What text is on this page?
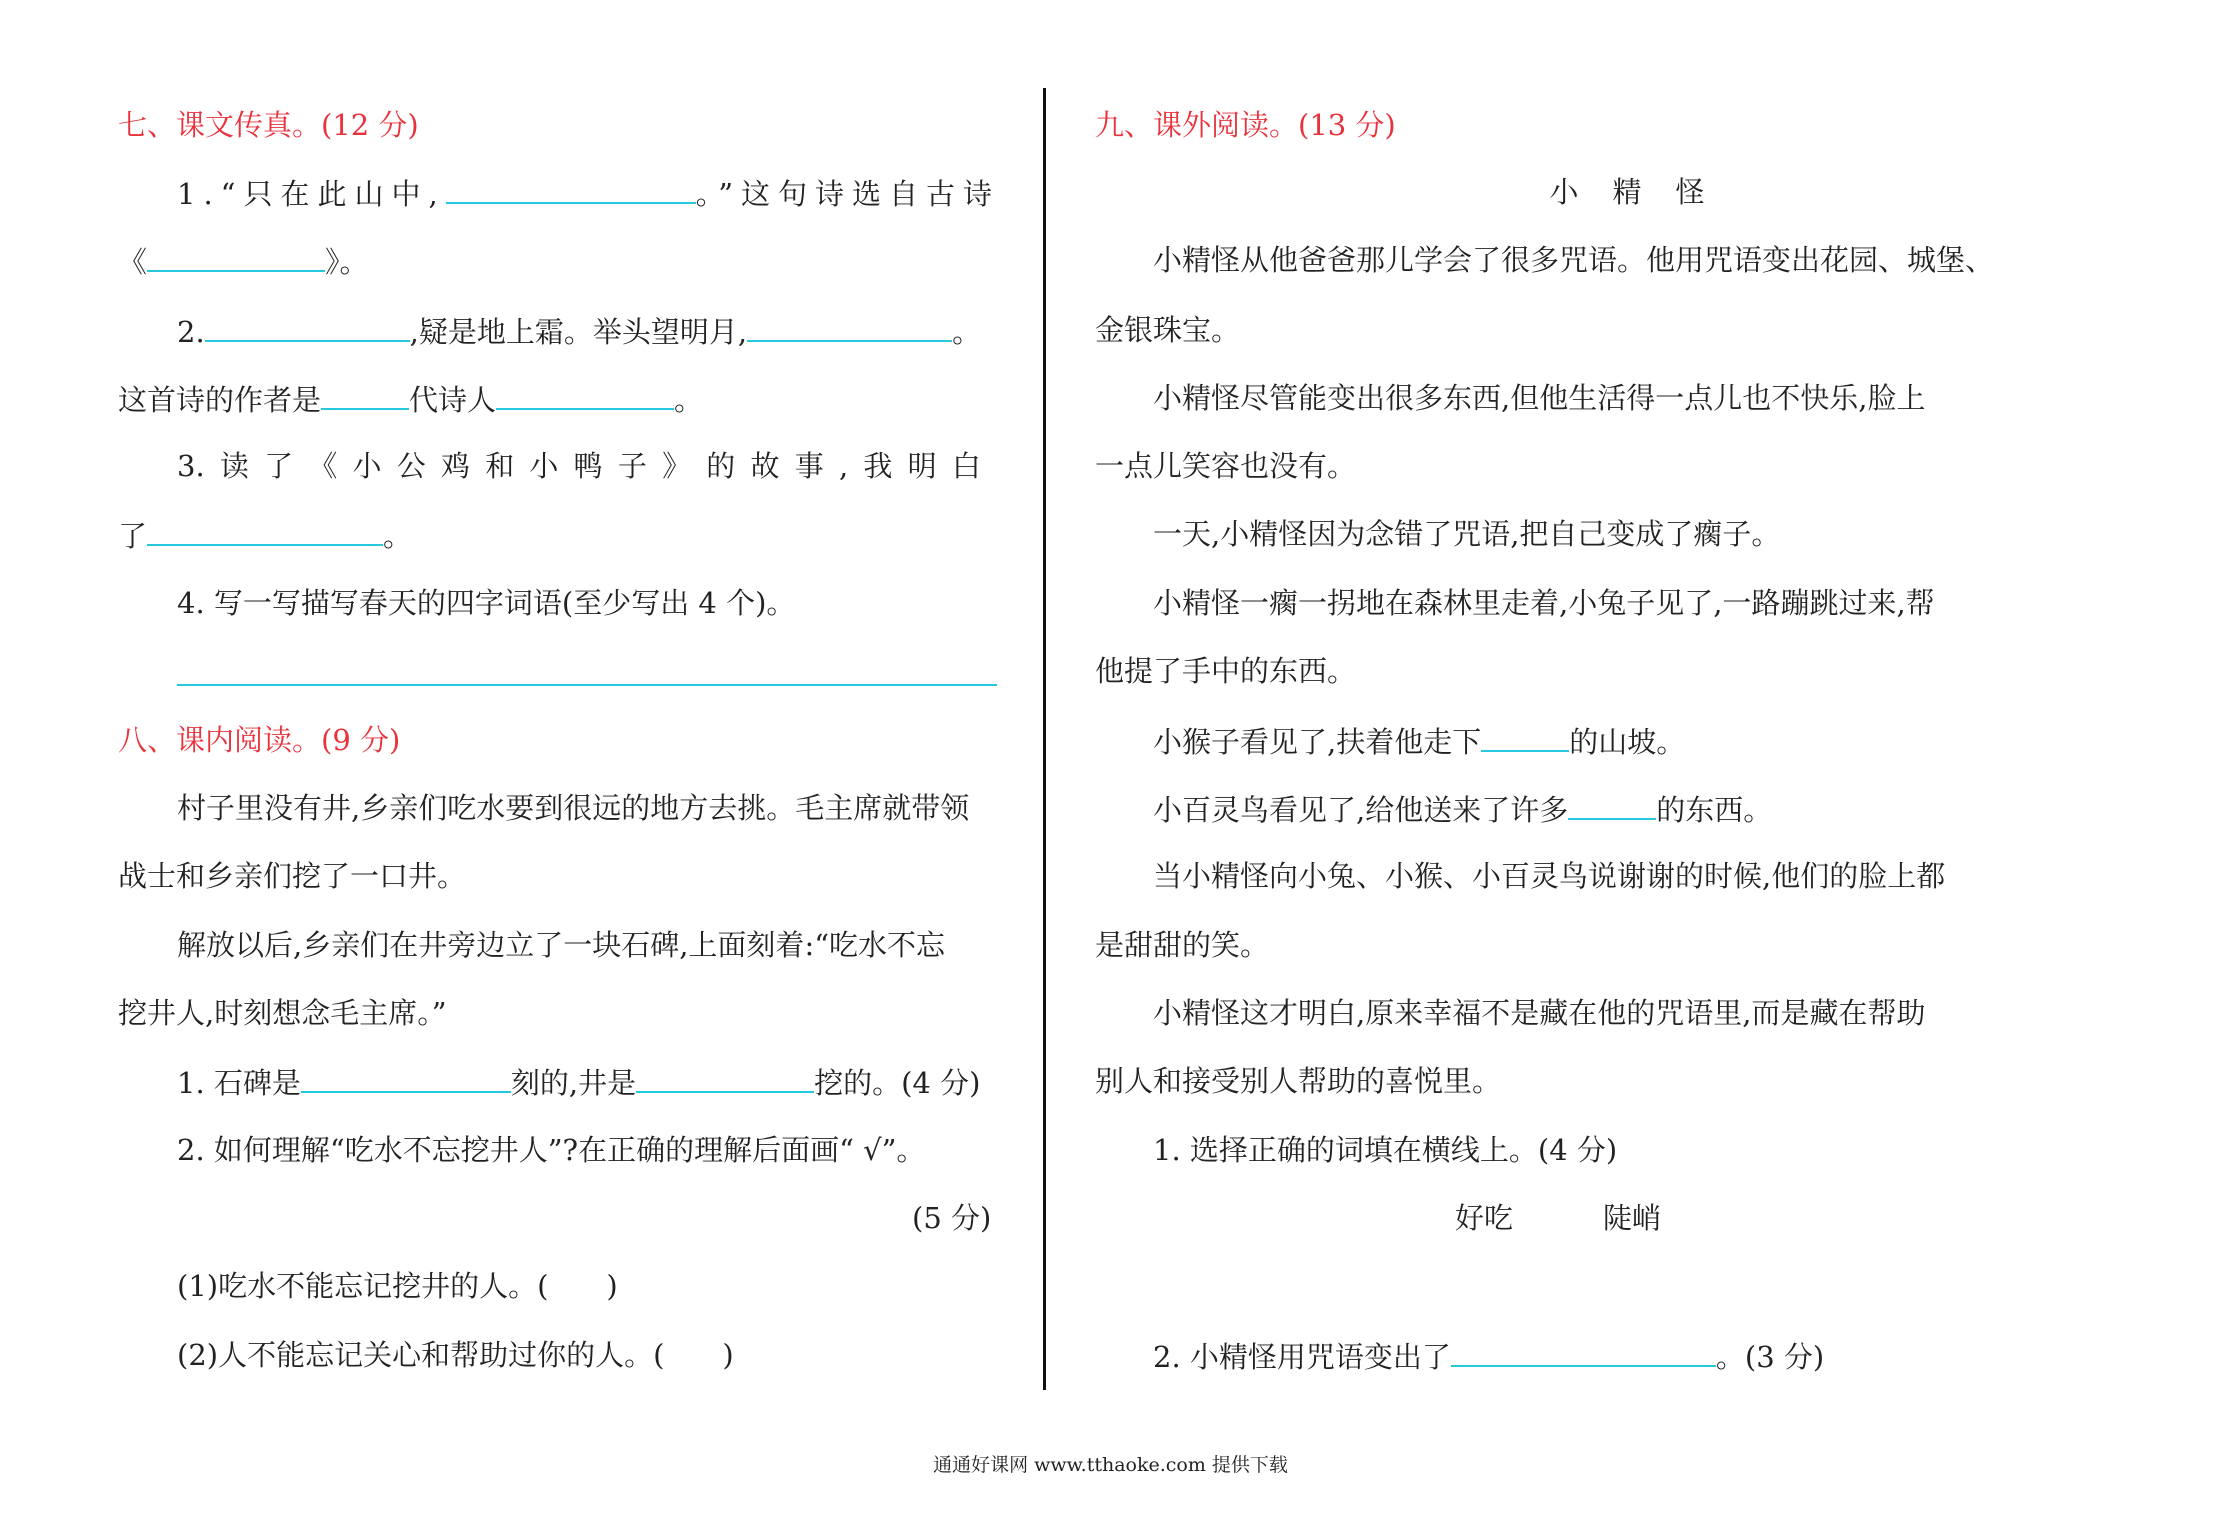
七、课文传真。(12 分)
1.“只在此山中,	。”这句诗选自古诗
《	》。
2.	,疑是地上霜。举头望明月,	。
这首诗的作者是	代诗人	。
3. 读 了 《 小 公 鸡 和 小 鸭 子 》 的 故 事 , 我 明 白
了	。
4. 写一写描写春天的四字词语(至少写出 4 个)。
八、课内阅读。(9 分)
村子里没有井,乡亲们吃水要到很远的地方去挑。毛主席就带领
战士和乡亲们挖了一口井。
解放以后,乡亲们在井旁边立了一块石碑,上面刻着:“吃水不忘
挖井人,时刻想念毛主席。”
1. 石碑是	刻的,井是	挖的。(4 分)
2. 如何理解“吃水不忘挖井人”?在正确的理解后面画“ √”。
(5 分)
(1)吃水不能忘记挖井的人。(　　)
(2)人不能忘记关心和帮助过你的人。(　　)
九、课外阅读。(13 分)
小精怪
小精怪从他爸爸那儿学会了很多咒语。他用咒语变出花园、城堡、
金银珠宝。
小精怪尽管能变出很多东西,但他生活得一点儿也不快乐,脸上
一点儿笑容也没有。
一天,小精怪因为念错了咒语,把自己变成了瘸子。
小精怪一瘸一拐地在森林里走着,小兔子见了,一路蹦跳过来,帮
他提了手中的东西。
小猴子看见了,扶着他走下	的山坡。
小百灵鸟看见了,给他送来了许多	的东西。
当小精怪向小兔、小猴、小百灵鸟说谢谢的时候,他们的脸上都
是甜甜的笑。
小精怪这才明白,原来幸福不是藏在他的咒语里,而是藏在帮助
别人和接受别人帮助的喜悦里。
1. 选择正确的词填在横线上。(4 分)
好吃	陡峭
2. 小精怪用咒语变出了	。(3 分)
通通好课网 www.tthaoke.com 提供下载
